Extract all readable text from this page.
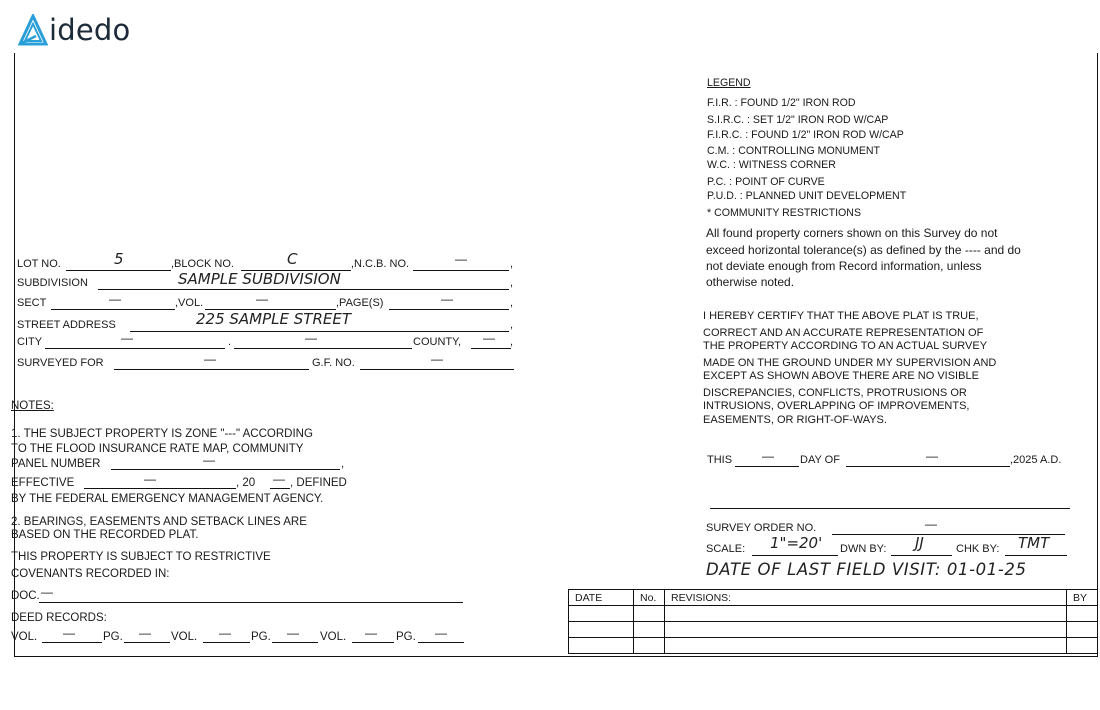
idedo
LOT NO.	5	,BLOCK NO.	C	,N.C.B. NO.	—	,
SUBDIVISION	SAMPLE SUBDIVISION	,
SECT	—	,VOL.	—	,PAGE(S)	—	,
STREET ADDRESS	225 SAMPLE STREET	,
CITY	—	.	—	COUNTY, — ,
SURVEYED FOR	—	G.F. NO.	—
NOTES:
1. THE SUBJECT PROPERTY IS ZONE "---" ACCORDING
TO THE FLOOD INSURANCE RATE MAP, COMMUNITY
PANEL NUMBER	—	,
EFFECTIVE	—	, 20 — , DEFINED
BY THE FEDERAL EMERGENCY MANAGEMENT AGENCY.
2. BEARINGS, EASEMENTS AND SETBACK LINES ARE
BASED ON THE RECORDED PLAT.
THIS PROPERTY IS SUBJECT TO RESTRICTIVE
COVENANTS RECORDED IN:
DOC. —
DEED RECORDS:
VOL. — PG. — VOL. — PG. — VOL. — PG. —
LEGEND
F.I.R. : FOUND 1/2" IRON ROD
S.I.R.C. : SET 1/2" IRON ROD W/CAP
F.I.R.C. : FOUND 1/2" IRON ROD W/CAP
C.M. : CONTROLLING MONUMENT
W.C. : WITNESS CORNER
P.C. : POINT OF CURVE
P.U.D. : PLANNED UNIT DEVELOPMENT
* COMMUNITY RESTRICTIONS
All found property corners shown on this Survey do not
exceed horizontal tolerance(s) as defined by the ---- and do
not deviate enough from Record information, unless
otherwise noted.
I HEREBY CERTIFY THAT THE ABOVE PLAT IS TRUE,
CORRECT AND AN ACCURATE REPRESENTATION OF
THE PROPERTY ACCORDING TO AN ACTUAL SURVEY
MADE ON THE GROUND UNDER MY SUPERVISION AND
EXCEPT AS SHOWN ABOVE THERE ARE NO VISIBLE
DISCREPANCIES, CONFLICTS, PROTRUSIONS OR
INTRUSIONS, OVERLAPPING OF IMPROVEMENTS,
EASEMENTS, OR RIGHT-OF-WAYS.
THIS — DAY OF	—	,2025 A.D.
SURVEY ORDER NO.	—
SCALE: 1"=20' DWN BY: JJ	CHK BY: TMT
DATE OF LAST FIELD VISIT: 01-01-25
DATE	No.	REVISIONS:	BY
